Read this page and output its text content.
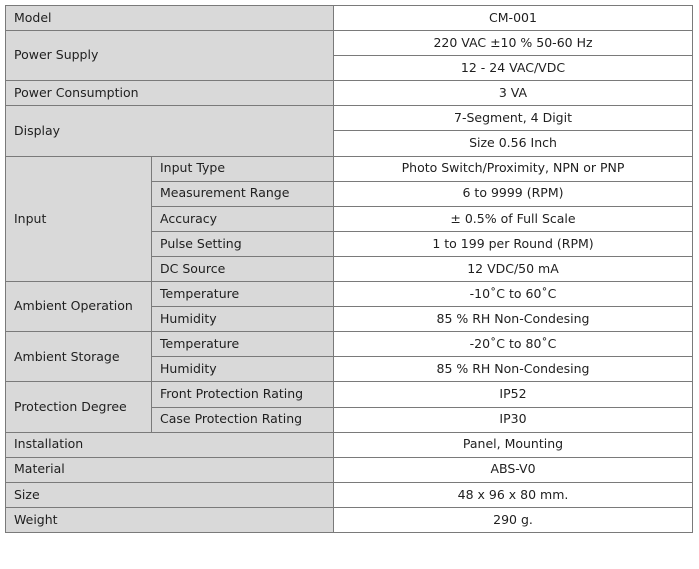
Model		CM-001
Power Supply		220 VAC ±10 % 50-60 Hz
		12 - 24 VAC/VDC
Power Consumption		3 VA
Display		7-Segment, 4 Digit
		Size 0.56 Inch
Input	Input Type	Photo Switch/Proximity, NPN or PNP
	Measurement Range	6 to 9999 (RPM)
	Accuracy	± 0.5% of Full Scale
	Pulse Setting	1 to 199 per Round (RPM)
	DC Source	12 VDC/50 mA
Ambient Operation	Temperature	-10˚C to 60˚C
	Humidity	85 % RH Non-Condesing
Ambient Storage	Temperature	-20˚C to 80˚C
	Humidity	85 % RH Non-Condesing
Protection Degree	Front Protection Rating	IP52
	Case Protection Rating	IP30
Installation		Panel, Mounting
Material		ABS-V0
Size		48 x 96 x 80 mm.
Weight		290 g.
